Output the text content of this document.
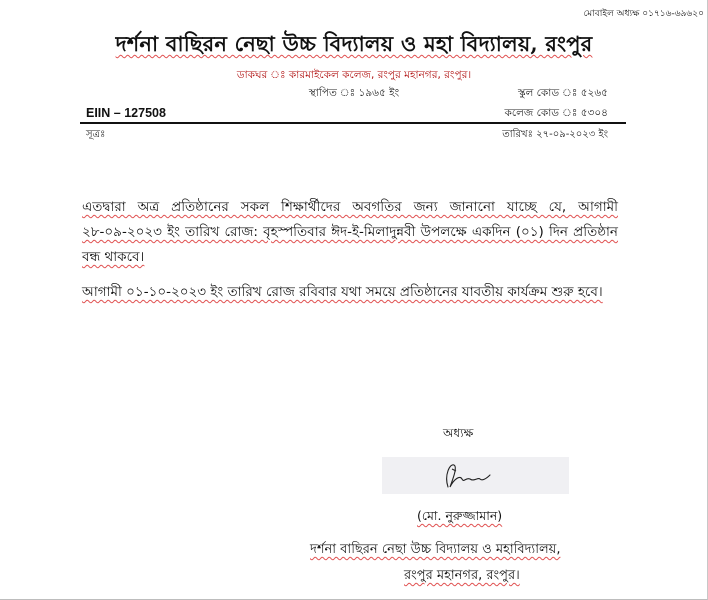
মোবাইল অধ্যক্ষ ০১৭১৬-৬৯৬২০
দর্শনা বাছিরন নেছা উচ্চ বিদ্যালয় ও মহা বিদ্যালয়, রংপুর
ডাকঘর ঃ কারমাইকেল কলেজ, রংপুর মহানগর, রংপুর।
স্থাপিত ঃ ১৯৬৫ ইং	স্কুল কোড ঃ ৫২৬৫
EIIN – 127508	কলেজ কোড ঃ ৫৩০৪
সূত্রঃ	তারিখঃ ২৭-০৯-২০২৩ ইং

এতদ্বারা অত্র প্রতিষ্ঠানের সকল শিক্ষার্থীদের অবগতির জন্য জানানো যাচ্ছে যে, আগামী ২৮-০৯-২০২৩ ইং তারিখ রোজ: বৃহস্পতিবার ঈদ-ই-মিলাদুন্নবী উপলক্ষে একদিন (০১) দিন প্রতিষ্ঠান বন্ধ থাকবে।

আগামী ০১-১০-২০২৩ ইং তারিখ রোজ রবিবার যথা সময়ে প্রতিষ্ঠানের যাবতীয় কার্যক্রম শুরু হবে।

অধ্যক্ষ
(মো. নুরুজ্জামান)
দর্শনা বাছিরন নেছা উচ্চ বিদ্যালয় ও মহাবিদ্যালয়,
রংপুর মহানগর, রংপুর।
